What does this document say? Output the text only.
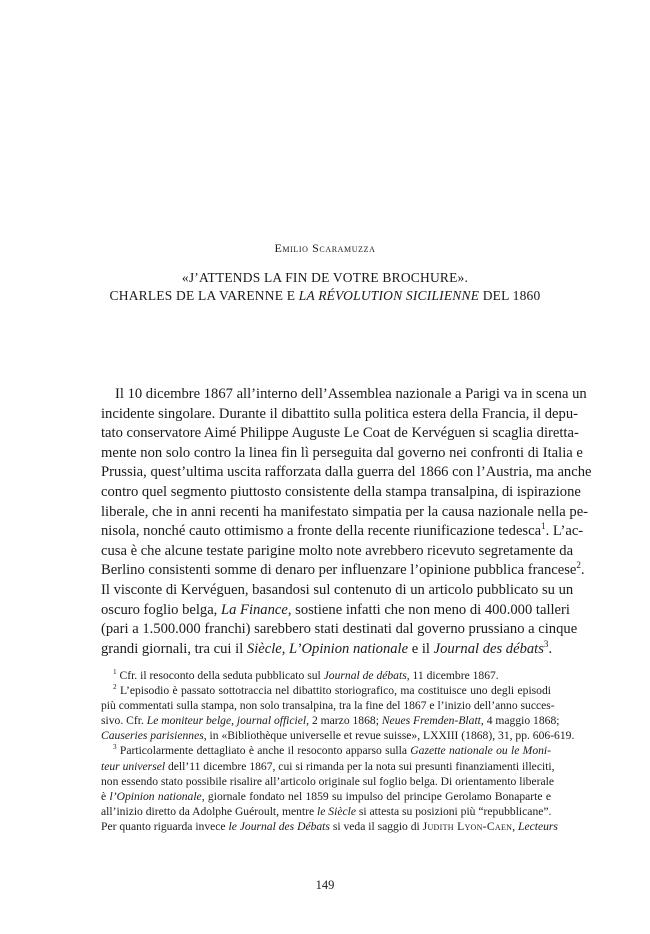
Emilio Scaramuzza
«J’ATTENDS LA FIN DE VOTRE BROCHURE».
CHARLES DE LA VARENNE E LA RÉVOLUTION SICILIENNE DEL 1860
Il 10 dicembre 1867 all’interno dell’Assemblea nazionale a Parigi va in scena un
incidente singolare. Durante il dibattito sulla politica estera della Francia, il depu-
tato conservatore Aimé Philippe Auguste Le Coat de Kervéguen si scaglia diretta-
mente non solo contro la linea fin lì perseguita dal governo nei confronti di Italia e
Prussia, quest’ultima uscita rafforzata dalla guerra del 1866 con l’Austria, ma anche
contro quel segmento piuttosto consistente della stampa transalpina, di ispirazione
liberale, che in anni recenti ha manifestato simpatia per la causa nazionale nella pe-
nisola, nonché cauto ottimismo a fronte della recente riunificazione tedesca$^1$. L’ac-
cusa è che alcune testate parigine molto note avrebbero ricevuto segretamente da
Berlino consistenti somme di denaro per influenzare l’opinione pubblica francese$^2$.
Il visconte di Kervéguen, basandosi sul contenuto di un articolo pubblicato su un
oscuro foglio belga, La Finance, sostiene infatti che non meno di 400.000 talleri
(pari a 1.500.000 franchi) sarebbero stati destinati dal governo prussiano a cinque
grandi giornali, tra cui il Siècle, L’Opinion nationale e il Journal des débats$^3$.
$^1$ Cfr. il resoconto della seduta pubblicato sul Journal de débats, 11 dicembre 1867.
$^2$ L’episodio è passato sottotraccia nel dibattito storiografico, ma costituisce uno degli episodi
più commentati sulla stampa, non solo transalpina, tra la fine del 1867 e l’inizio dell’anno succes-
sivo. Cfr. Le moniteur belge, journal officiel, 2 marzo 1868; Neues Fremden-Blatt, 4 maggio 1868;
Causeries parisiennes, in «Bibliothèque universelle et revue suisse», LXXIII (1868), 31, pp. 606-619.
$^3$ Particolarmente dettagliato è anche il resoconto apparso sulla Gazette nationale ou le Moni-
teur universel dell’11 dicembre 1867, cui si rimanda per la nota sui presunti finanziamenti illeciti,
non essendo stato possibile risalire all’articolo originale sul foglio belga. Di orientamento liberale
è l’Opinion nationale, giornale fondato nel 1859 su impulso del principe Gerolamo Bonaparte e
all’inizio diretto da Adolphe Guéroult, mentre le Siècle si attesta su posizioni più “repubblicane”.
Per quanto riguarda invece le Journal des Débats si veda il saggio di Judith Lyon-Caen, Lecteurs
149
